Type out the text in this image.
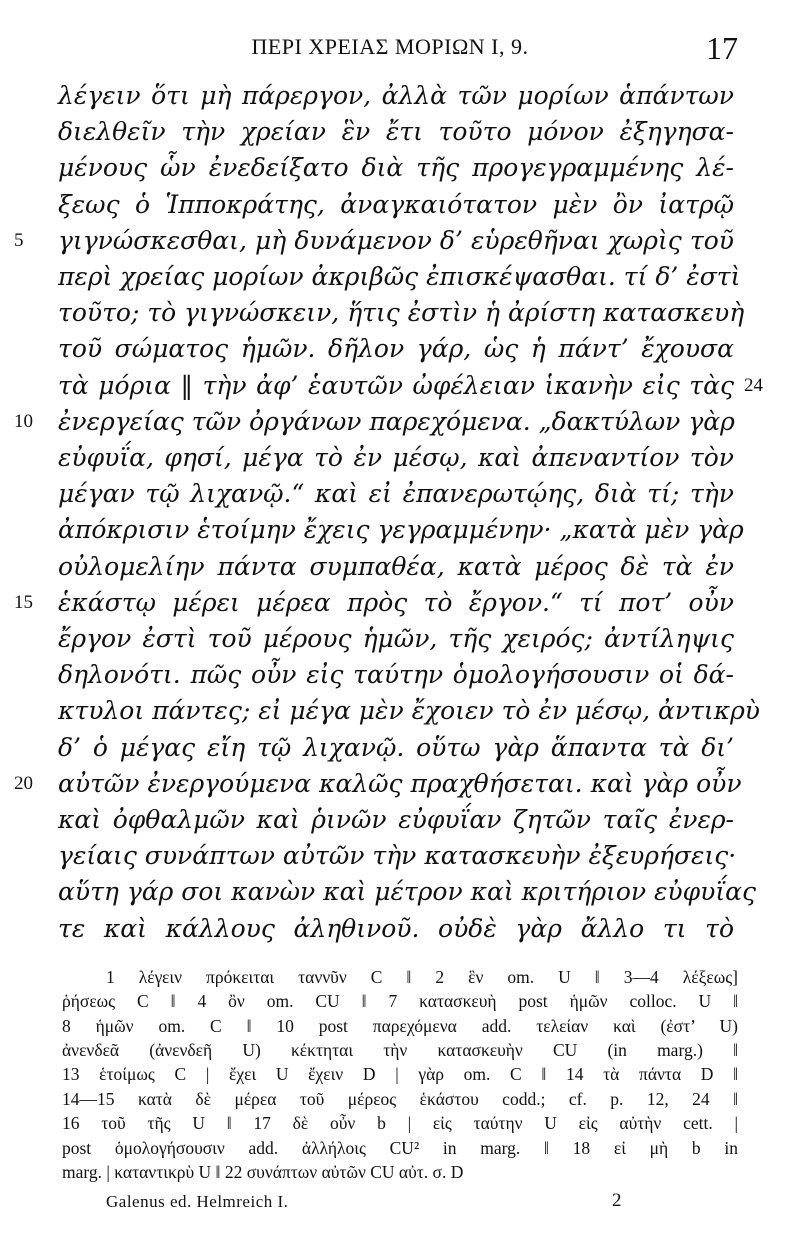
ΠΕΡΙ ΧΡΕΙΑΣ ΜΟΡΙΩΝ Ι, 9.	17
λέγειν ὅτι μὴ πάρεργον, ἀλλὰ τῶν μορίων ἁπάντων
διελθεῖν τὴν χρείαν ἓν ἔτι τοῦτο μόνον ἐξηγησα-
μένους ὧν ἐνεδείξατο διὰ τῆς προγεγραμμένης λέ-
ξεως ὁ Ἱπποκράτης, ἀναγκαιότατον μὲν ὂν ἰατρῷ
γιγνώσκεσθαι, μὴ δυνάμενον δ’ εὑρεθῆναι χωρὶς τοῦ
περὶ χρείας μορίων ἀκριβῶς ἐπισκέψασθαι. τί δ’ ἐστὶ
τοῦτο; τὸ γιγνώσκειν, ἥτις ἐστὶν ἡ ἀρίστη κατασκευὴ
τοῦ σώματος ἡμῶν. δῆλον γάρ, ὡς ἡ πάντ’ ἔχουσα
τὰ μόρια ‖ τὴν ἀφ’ ἑαυτῶν ὠφέλειαν ἱκανὴν εἰς τὰς
ἐνεργείας τῶν ὀργάνων παρεχόμενα. „δακτύλων γὰρ
εὐφυΐα, φησί, μέγα τὸ ἐν μέσῳ, καὶ ἀπεναντίον τὸν
μέγαν τῷ λιχανῷ.“ καὶ εἰ ἐπανερωτῴης, διὰ τί; τὴν
ἀπόκρισιν ἑτοίμην ἔχεις γεγραμμένην· „κατὰ μὲν γὰρ
οὐλομελίην πάντα συμπαθέα, κατὰ μέρος δὲ τὰ ἐν
ἑκάστῳ μέρει μέρεα πρὸς τὸ ἔργον.“ τί ποτ’ οὖν
ἔργον ἐστὶ τοῦ μέρους ἡμῶν, τῆς χειρός; ἀντίληψις
δηλονότι. πῶς οὖν εἰς ταύτην ὁμολογήσουσιν οἱ δά-
κτυλοι πάντες; εἰ μέγα μὲν ἔχοιεν τὸ ἐν μέσῳ, ἀντικρὺ
δ’ ὁ μέγας εἴη τῷ λιχανῷ. οὕτω γὰρ ἅπαντα τὰ δι’
αὐτῶν ἐνεργούμενα καλῶς πραχθήσεται. καὶ γὰρ οὖν
καὶ ὀφθαλμῶν καὶ ῥινῶν εὐφυΐαν ζητῶν ταῖς ἐνερ-
γείαις συνάπτων αὐτῶν τὴν κατασκευὴν ἐξευρήσεις·
αὕτη γάρ σοι κανὼν καὶ μέτρον καὶ κριτήριον εὐφυΐας
τε καὶ κάλλους ἀληθινοῦ. οὐδὲ γὰρ ἄλλο τι τὸ
5
10
15
20
24
1 λέγειν πρόκειται ταννῦν C ‖ 2 ἓν om. U ‖ 3—4 λέξεως]
ῥήσεως C ‖ 4 ὂν om. CU ‖ 7 κατασκευὴ post ἡμῶν colloc. U ‖
8 ἡμῶν om. C ‖ 10 post παρεχόμενα add. τελείαν καὶ (ἐστ’ U)
ἀνενδεᾶ (ἀνενδεῆ U) κέκτηται τὴν κατασκευὴν CU (in marg.) ‖
13 ἑτοίμως C | ἔχει U ἔχειν D | γὰρ om. C ‖ 14 τὰ πάντα D ‖
14—15 κατὰ δὲ μέρεα τοῦ μέρεος ἑκάστου codd.; cf. p. 12, 24 ‖
16 τοῦ τῆς U ‖ 17 δὲ οὖν b | εἰς ταύτην U εἰς αὐτὴν cett. |
post ὁμολογήσουσιν add. ἀλλήλοις CU² in marg. ‖ 18 εἰ μὴ b in
marg. | καταντικρὺ U ‖ 22 συνάπτων αὐτῶν CU αὐτ. σ. D
Galenus ed. Helmreich I.	2
